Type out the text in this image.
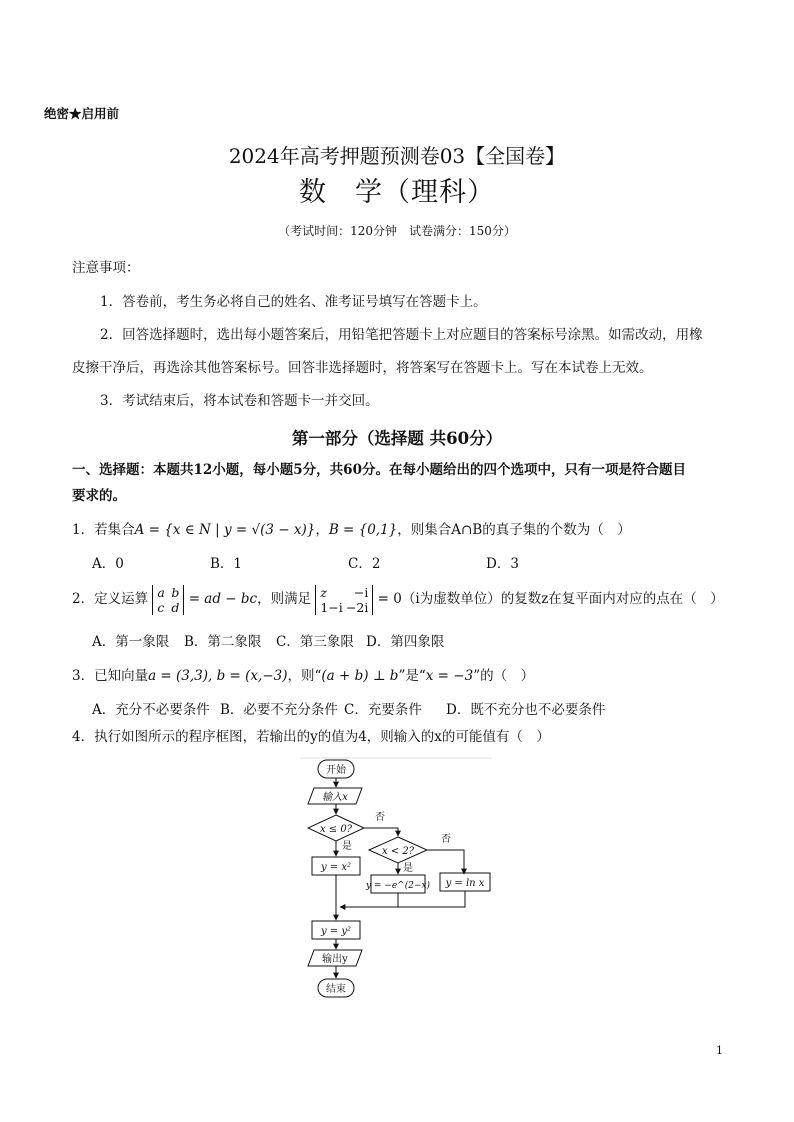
绝密★启用前
2024年高考押题预测卷03【全国卷】
数　学（理科）
（考试时间：120分钟　试卷满分：150分）
注意事项：
1．答卷前，考生务必将自己的姓名、准考证号填写在答题卡上。
2．回答选择题时，选出每小题答案后，用铅笔把答题卡上对应题目的答案标号涂黑。如需改动，用橡
皮擦干净后，再选涂其他答案标号。回答非选择题时，将答案写在答题卡上。写在本试卷上无效。
3．考试结束后，将本试卷和答题卡一并交回。
第一部分（选择题 共60分）
一、选择题：本题共12小题，每小题5分，共60分。在每小题给出的四个选项中，只有一项是符合题目
要求的。
1．若集合A = {x ∈ N | y = √(3 − x)}，B = {0,1}，则集合A∩B的真子集的个数为（　）
A．0	B．1	C．2	D．3
2．定义运算 a b
c d = ad − bc，则满足 z −i
1−i −2i = 0（i为虚数单位）的复数z在复平面内对应的点在（　）
A．第一象限 B．第二象限 C．第三象限 D．第四象限
3．已知向量a = (3,3), b = (x,−3)，则“(a + b) ⊥ b”是“x = −3”的（　）
A．充分不必要条件 B．必要不充分条件 C．充要条件 D．既不充分也不必要条件
4．执行如图所示的程序框图，若输出的y的值为4，则输入的x的可能值有（　）
开始
输入x
x ≤ 0?
否
是
y = x²
x < 2?
否
是
y = −e^(2−x) y = ln x
y = y²
输出y
结束
1
